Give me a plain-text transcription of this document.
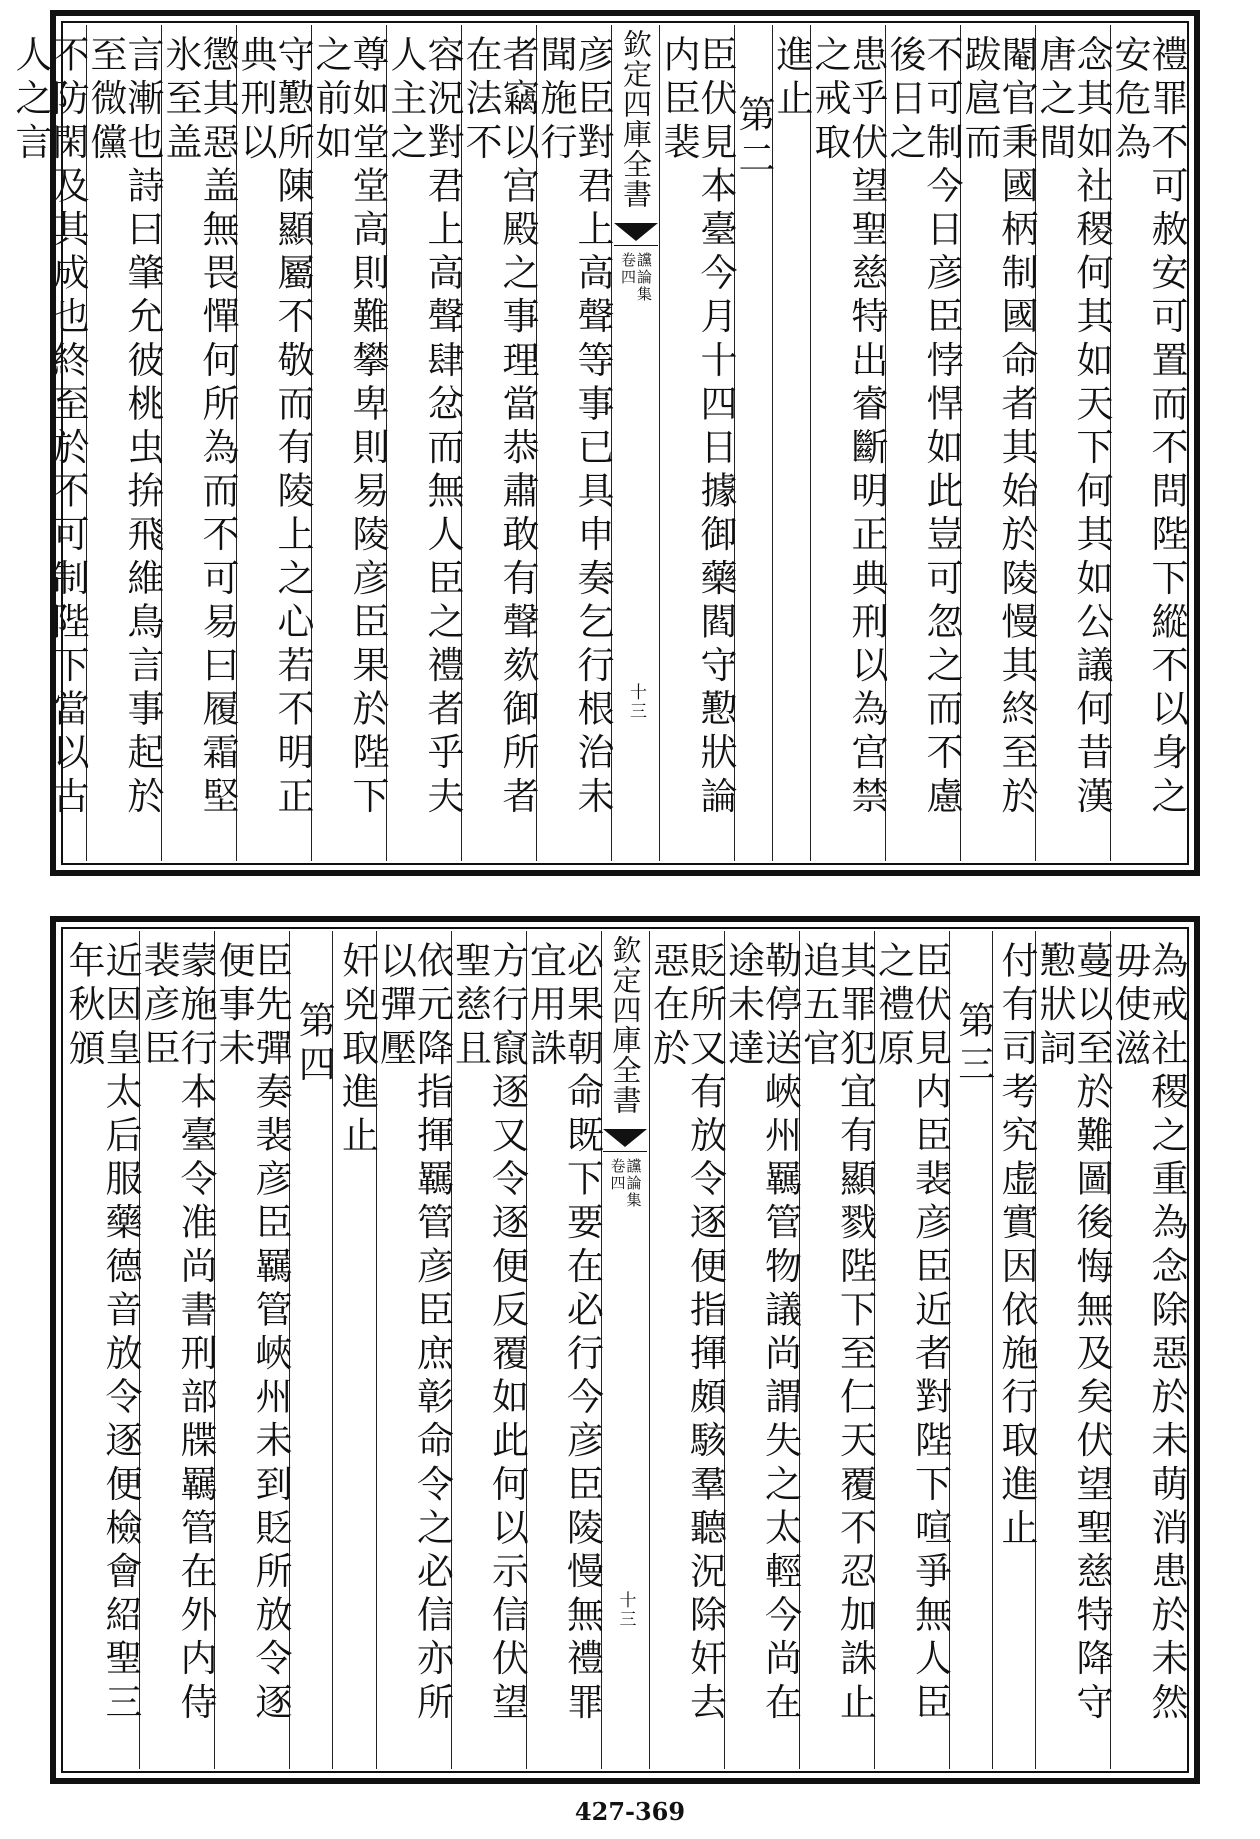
禮罪不可赦安可置而不問陛下縱不以身之安危為
念其如社稷何其如天下何其如公議何昔漢唐之間
閹官秉國柄制國命者其始於陵慢其終至於跋扈而
不可制今日彦臣悖悍如此豈可忽之而不慮後日之
患乎伏望聖慈特出睿斷明正典刑以為宫禁之戒取
進止
第二
臣伏見本臺今月十四日據御藥閻守懃狀論内臣裴
欽定四庫全書
讜論集
卷四
十三
彦臣對君上高聲等事已具申奏乞行根治未聞施行
者竊以宫殿之事理當恭肅敢有聲欬御所者在法不
容況對君上高聲肆忿而無人臣之禮者乎夫人主之
尊如堂堂高則難攀卑則易陵彦臣果於陛下之前如
守懃所陳顯屬不敬而有陵上之心若不明正典刑以
懲其惡盖無畏憚何所為而不可易曰履霜堅氷至盖
言漸也詩曰肇允彼桃虫拚飛維鳥言事起於至微儻
不防閑及其成也終至於不可制陛下當以古人之言
為戒社稷之重為念除惡於未萌消患於未然毋使滋
蔓以至於難圖後悔無及矣伏望聖慈特降守懃狀詞
付有司考究虚實因依施行取進止
第三
臣伏見内臣裴彦臣近者對陛下喧爭無人臣之禮原
其罪犯宜有顯戮陛下至仁天覆不忍加誅止追五官
勒停送峽州羈管物議尚謂失之太輕今尚在途未達
貶所又有放令逐便指揮頗駭羣聽況除奸去惡在於
欽定四庫全書
讜論集
卷四
十三
必果朝命既下要在必行今彦臣陵慢無禮罪宜用誅
方行竄逐又令逐便反覆如此何以示信伏望聖慈且
依元降指揮羈管彦臣庶彰命令之必信亦所以彈壓
奸兇取進止
第四
臣先彈奏裴彦臣羈管峽州未到貶所放令逐便事未
蒙施行本臺令准尚書刑部牒羈管在外内侍裴彦臣
近因皇太后服藥德音放令逐便檢會紹聖三年秋頒
427-369
